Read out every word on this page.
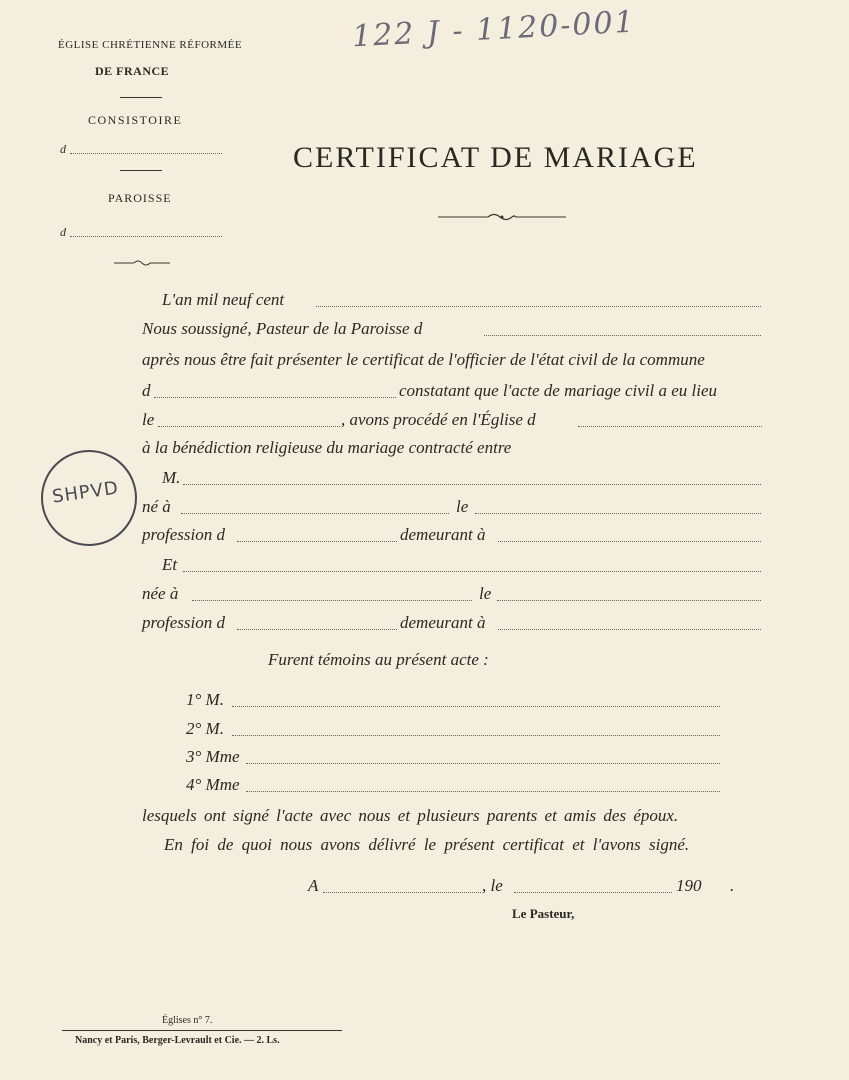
122 J - 1120-001
ÉGLISE CHRÉTIENNE RÉFORMÉE
DE FRANCE
CONSISTOIRE
d
PAROISSE
d
CERTIFICAT DE MARIAGE
SHPVD
L'an mil neuf cent
Nous soussigné, Pasteur de la Paroisse d
après nous être fait présenter le certificat de l'officier de l'état civil de la commune
d	constatant que l'acte de mariage civil a eu lieu
le	, avons procédé en l'Église d
à la bénédiction religieuse du mariage contracté entre
M.
né à	le
profession d	demeurant à
Et
née à	le
profession d	demeurant à
Furent témoins au présent acte :
1° M.
2° M.
3° Mme
4° Mme
lesquels ont signé l'acte avec nous et plusieurs parents et amis des époux.
En foi de quoi nous avons délivré le présent certificat et l'avons signé.
A	, le	190 .
Le Pasteur,
Églises n° 7.
Nancy et Paris, Berger-Levrault et Cie. — 2. Ls.
